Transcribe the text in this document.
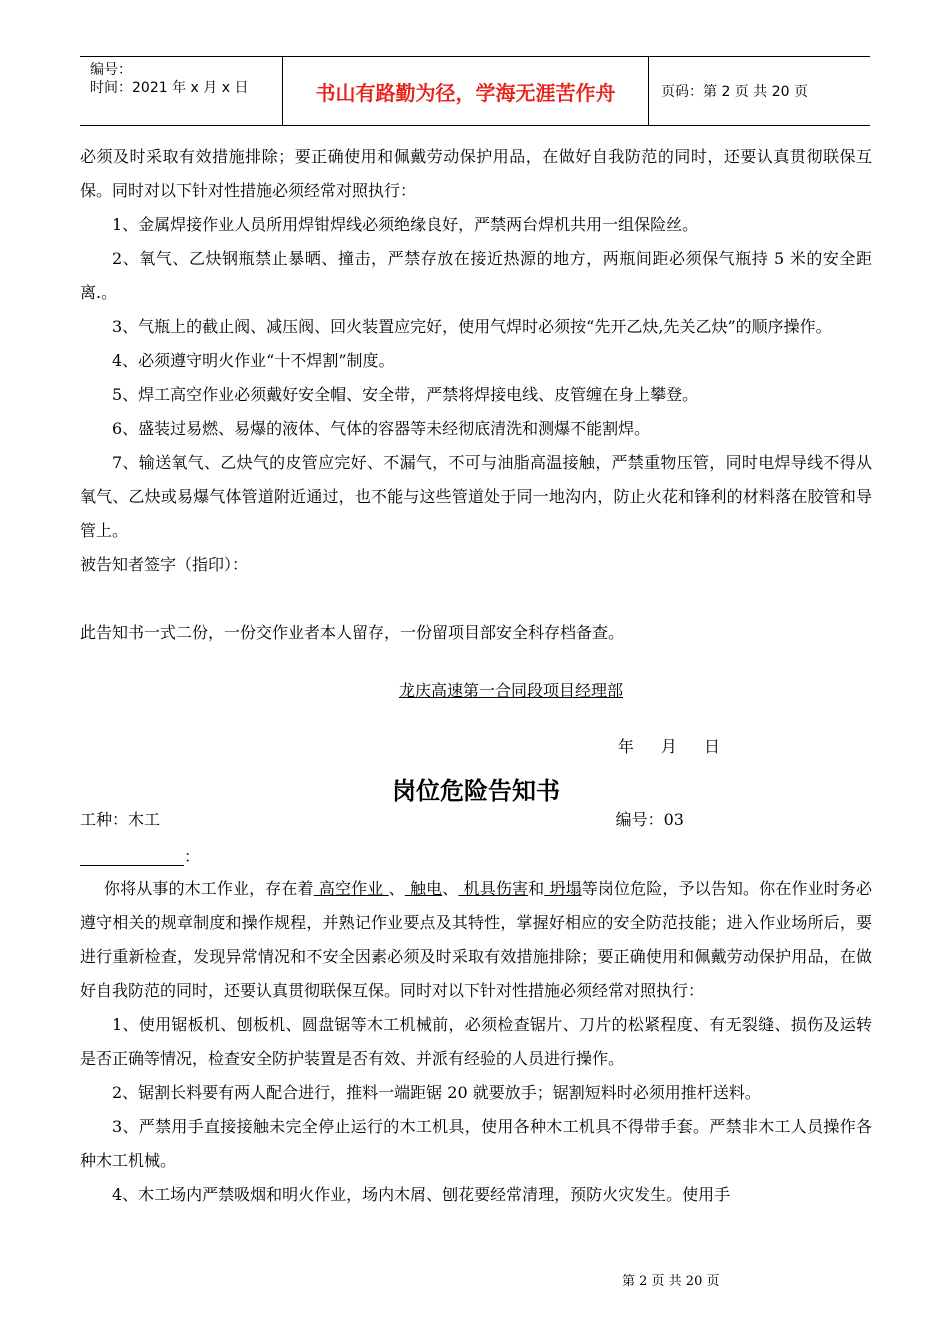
编号：
时间：2021 年 x 月 x 日	书山有路勤为径，学海无涯苦作舟	页码：第 2 页 共 20 页

必须及时采取有效措施排除；要正确使用和佩戴劳动保护用品，在做好自我防范的同时，还要认真贯彻联保互保。同时对以下针对性措施必须经常对照执行：

1、金属焊接作业人员所用焊钳焊线必须绝缘良好，严禁两台焊机共用一组保险丝。

2、氧气、乙炔钢瓶禁止暴晒、撞击，严禁存放在接近热源的地方，两瓶间距必须保气瓶持 5 米的安全距离.。

3、气瓶上的截止阀、减压阀、回火装置应完好，使用气焊时必须按“先开乙炔,先关乙炔”的顺序操作。

4、必须遵守明火作业“十不焊割”制度。

5、焊工高空作业必须戴好安全帽、安全带，严禁将焊接电线、皮管缠在身上攀登。

6、盛装过易燃、易爆的液体、气体的容器等未经彻底清洗和测爆不能割焊。

7、输送氧气、乙炔气的皮管应完好、不漏气，不可与油脂高温接触，严禁重物压管，同时电焊导线不得从氧气、乙炔或易爆气体管道附近通过，也不能与这些管道处于同一地沟内，防止火花和锋利的材料落在胶管和导管上。

被告知者签字（指印）：

此告知书一式二份，一份交作业者本人留存，一份留项目部安全科存档备查。

龙庆高速第一合同段项目经理部
年 月 日
岗位危险告知书
工种：木工	编号：03
：

你将从事的木工作业，存在着 高空作业 、 触电、 机具伤害和 坍塌等岗位危险，予以告知。你在作业时务必遵守相关的规章制度和操作规程，并熟记作业要点及其特性，掌握好相应的安全防范技能；进入作业场所后，要进行重新检查，发现异常情况和不安全因素必须及时采取有效措施排除；要正确使用和佩戴劳动保护用品，在做好自我防范的同时，还要认真贯彻联保互保。同时对以下针对性措施必须经常对照执行：

1、使用锯板机、刨板机、圆盘锯等木工机械前，必须检查锯片、刀片的松紧程度、有无裂缝、损伤及运转是否正确等情况，检查安全防护装置是否有效、并派有经验的人员进行操作。

2、锯割长料要有两人配合进行，推料一端距锯 20 就要放手；锯割短料时必须用推杆送料。

3、严禁用手直接接触未完全停止运行的木工机具，使用各种木工机具不得带手套。严禁非木工人员操作各种木工机械。

4、木工场内严禁吸烟和明火作业，场内木屑、刨花要经常清理，预防火灾发生。使用手

第 2 页 共 20 页
